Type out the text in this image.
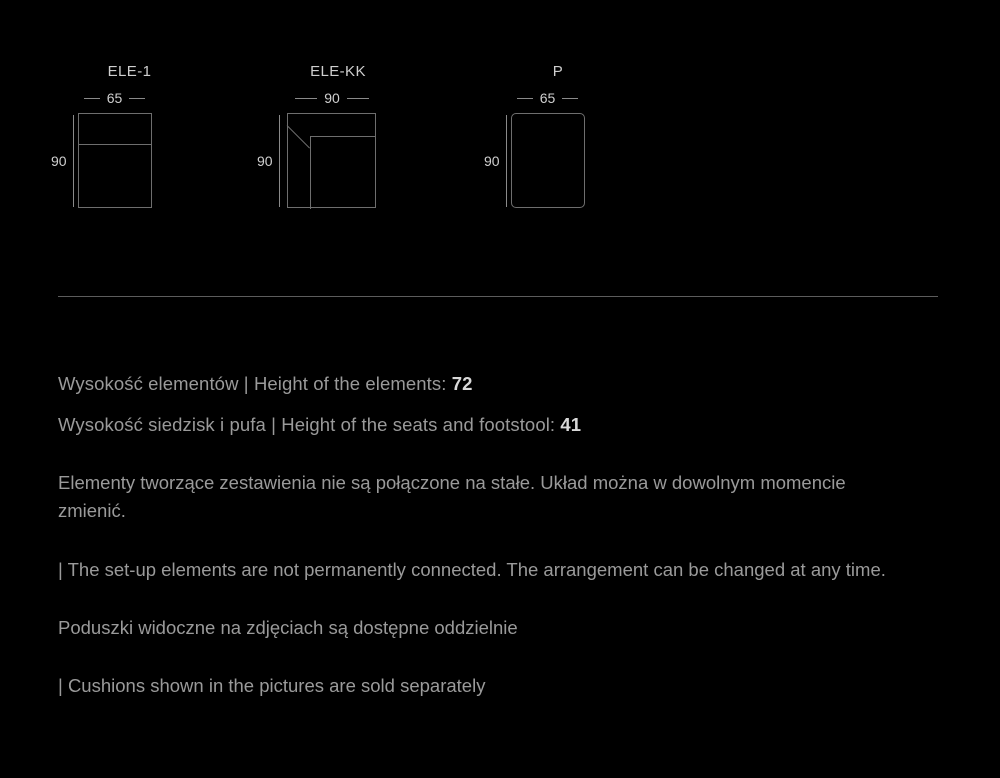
ELE-1
65
90
ELE-KK
90
90
P
65
90
Wysokość elementów | Height of the elements: 72
Wysokość siedzisk i pufa | Height of the seats and footstool: 41
Elementy tworzące zestawienia nie są połączone na stałe. Układ można w dowolnym momencie zmienić.
| The set-up elements are not permanently connected. The arrangement can be changed at any time.
Poduszki widoczne na zdjęciach są dostępne oddzielnie
| Cushions shown in the pictures are sold separately
